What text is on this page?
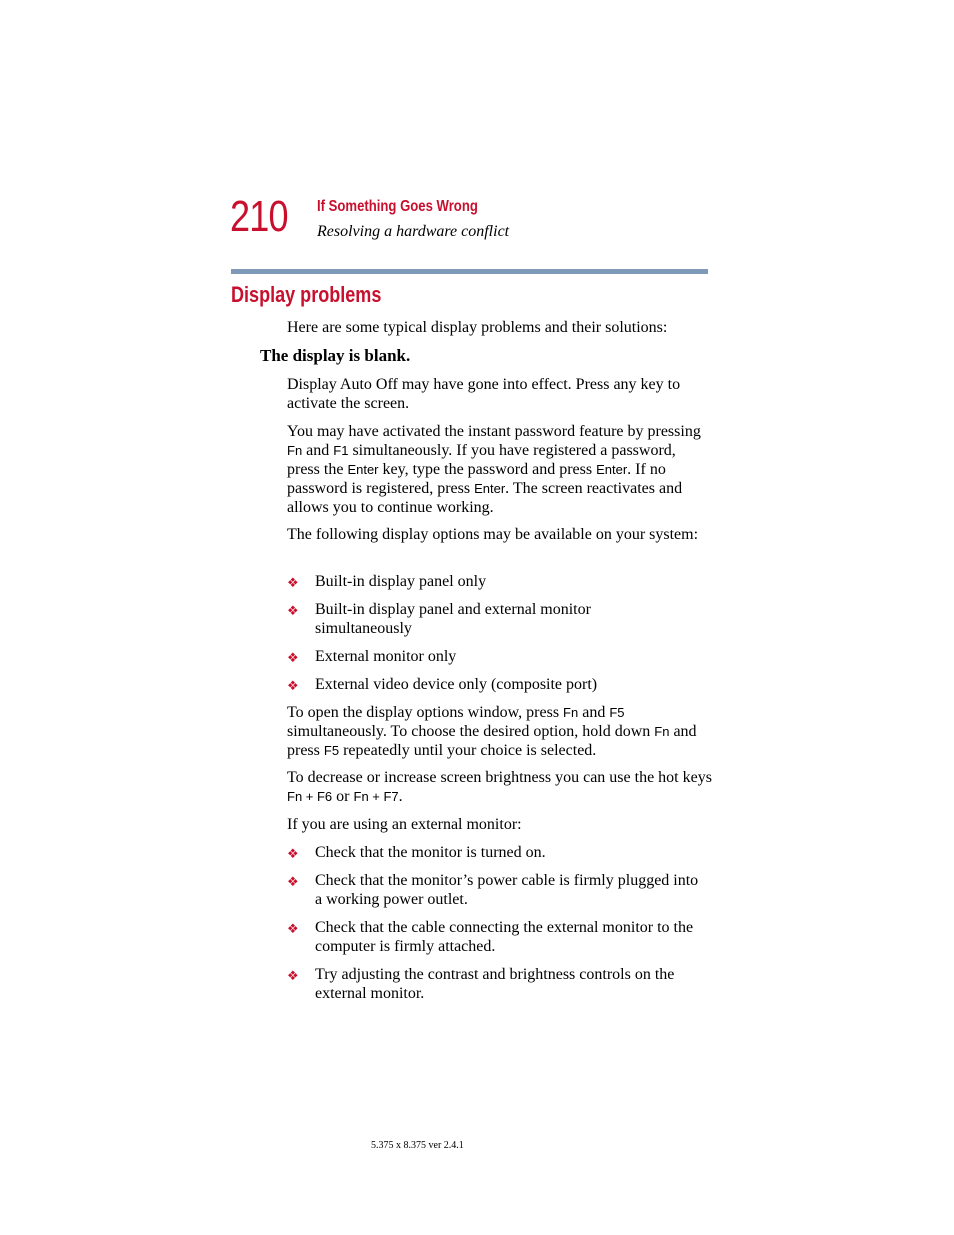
210 If Something Goes Wrong
Resolving a hardware conflict
Display problems
Here are some typical display problems and their solutions:
The display is blank.
Display Auto Off may have gone into effect. Press any key to activate the screen.
You may have activated the instant password feature by pressing Fn and F1 simultaneously. If you have registered a password, press the Enter key, type the password and press Enter. If no password is registered, press Enter. The screen reactivates and allows you to continue working.
The following display options may be available on your system:
❖ Built-in display panel only
❖ Built-in display panel and external monitor simultaneously
❖ External monitor only
❖ External video device only (composite port)
To open the display options window, press Fn and F5 simultaneously. To choose the desired option, hold down Fn and press F5 repeatedly until your choice is selected.
To decrease or increase screen brightness you can use the hot keys Fn + F6 or Fn + F7.
If you are using an external monitor:
❖ Check that the monitor is turned on.
❖ Check that the monitor’s power cable is firmly plugged into a working power outlet.
❖ Check that the cable connecting the external monitor to the computer is firmly attached.
❖ Try adjusting the contrast and brightness controls on the external monitor.
5.375 x 8.375 ver 2.4.1
